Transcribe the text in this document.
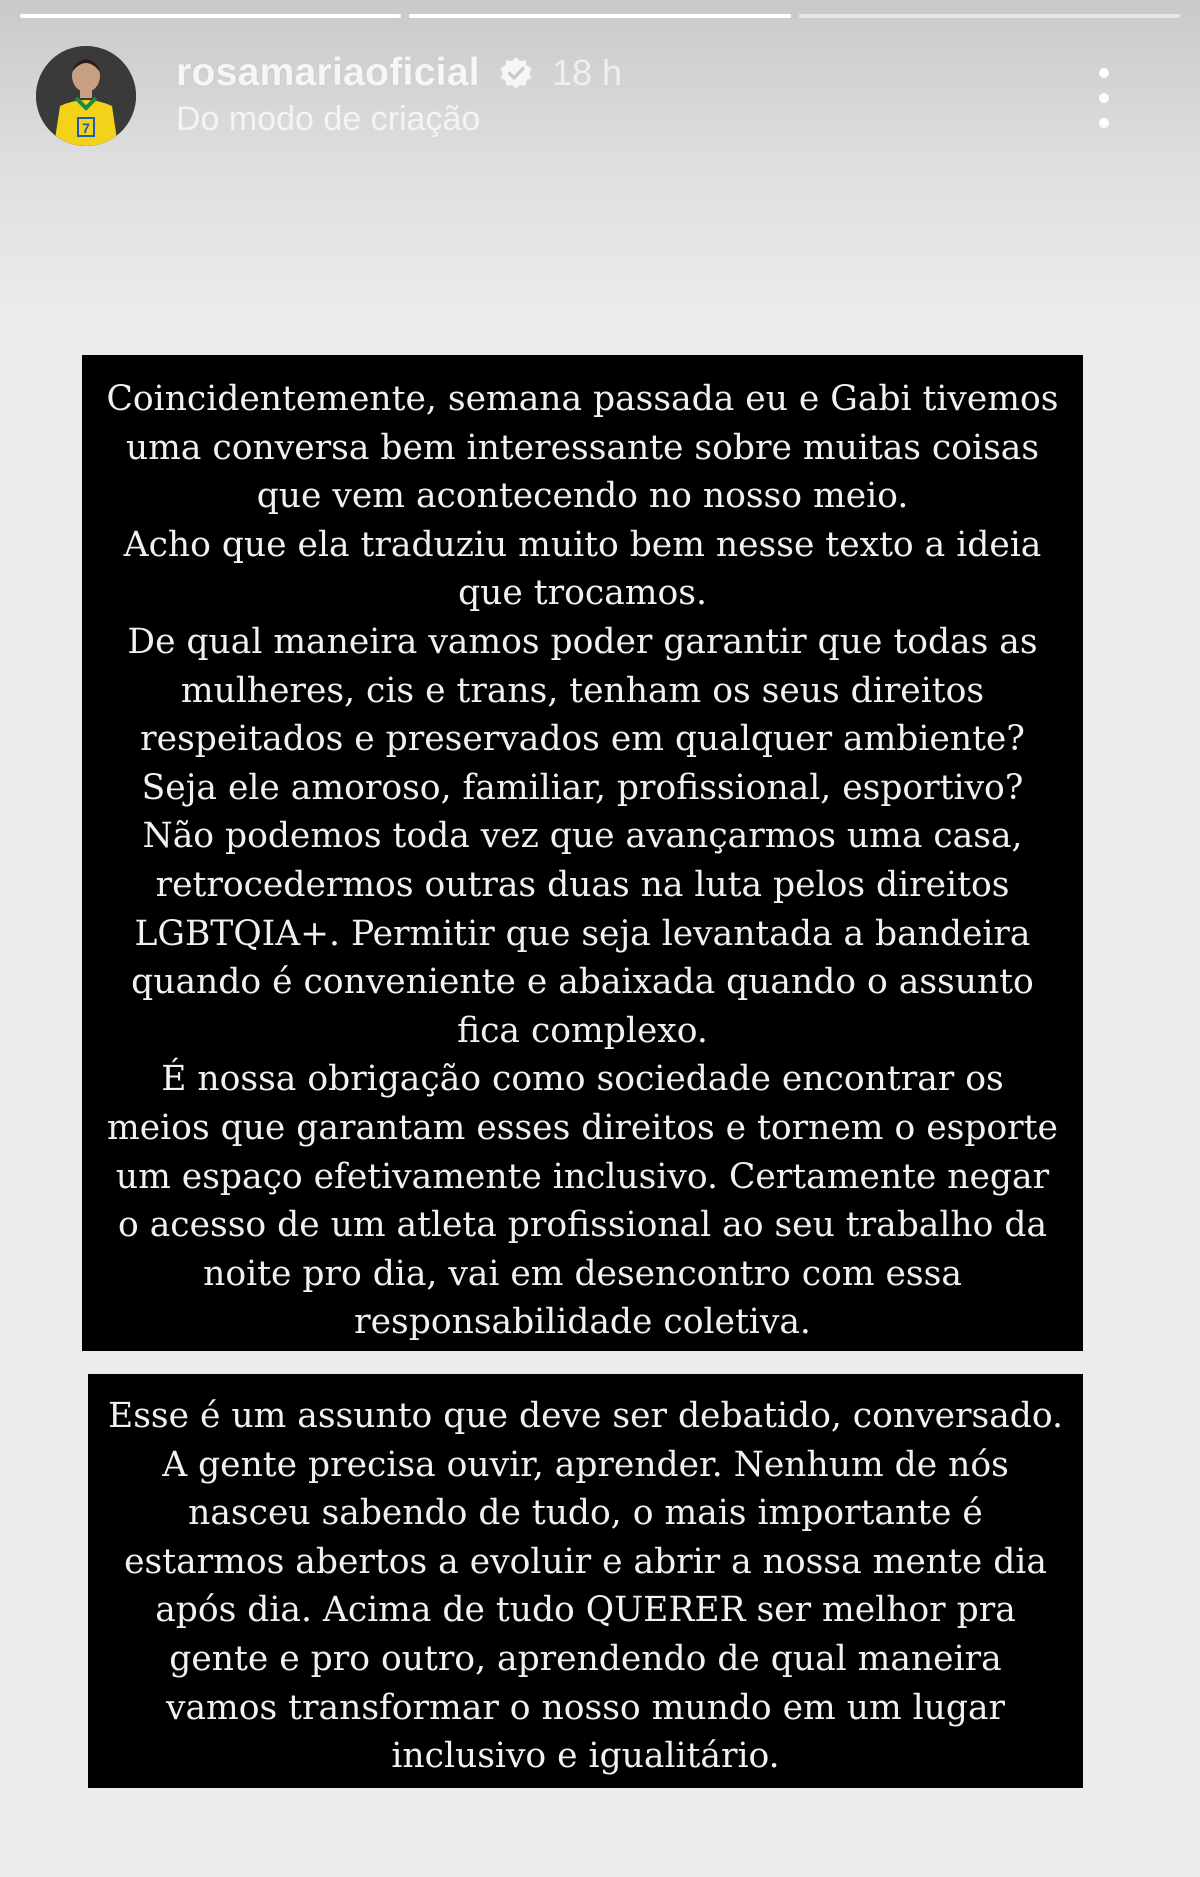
7
rosamariaoficial 18 h
Do modo de criação
Coincidentemente, semana passada eu e Gabi tivemos
uma conversa bem interessante sobre muitas coisas
que vem acontecendo no nosso meio.
Acho que ela traduziu muito bem nesse texto a ideia
que trocamos.
De qual maneira vamos poder garantir que todas as
mulheres, cis e trans, tenham os seus direitos
respeitados e preservados em qualquer ambiente?
Seja ele amoroso, familiar, profissional, esportivo?
Não podemos toda vez que avançarmos uma casa,
retrocedermos outras duas na luta pelos direitos
LGBTQIA+. Permitir que seja levantada a bandeira
quando é conveniente e abaixada quando o assunto
fica complexo.
É nossa obrigação como sociedade encontrar os
meios que garantam esses direitos e tornem o esporte
um espaço efetivamente inclusivo. Certamente negar
o acesso de um atleta profissional ao seu trabalho da
noite pro dia, vai em desencontro com essa
responsabilidade coletiva.
Esse é um assunto que deve ser debatido, conversado.
A gente precisa ouvir, aprender. Nenhum de nós
nasceu sabendo de tudo, o mais importante é
estarmos abertos a evoluir e abrir a nossa mente dia
após dia. Acima de tudo QUERER ser melhor pra
gente e pro outro, aprendendo de qual maneira
vamos transformar o nosso mundo em um lugar
inclusivo e igualitário.
